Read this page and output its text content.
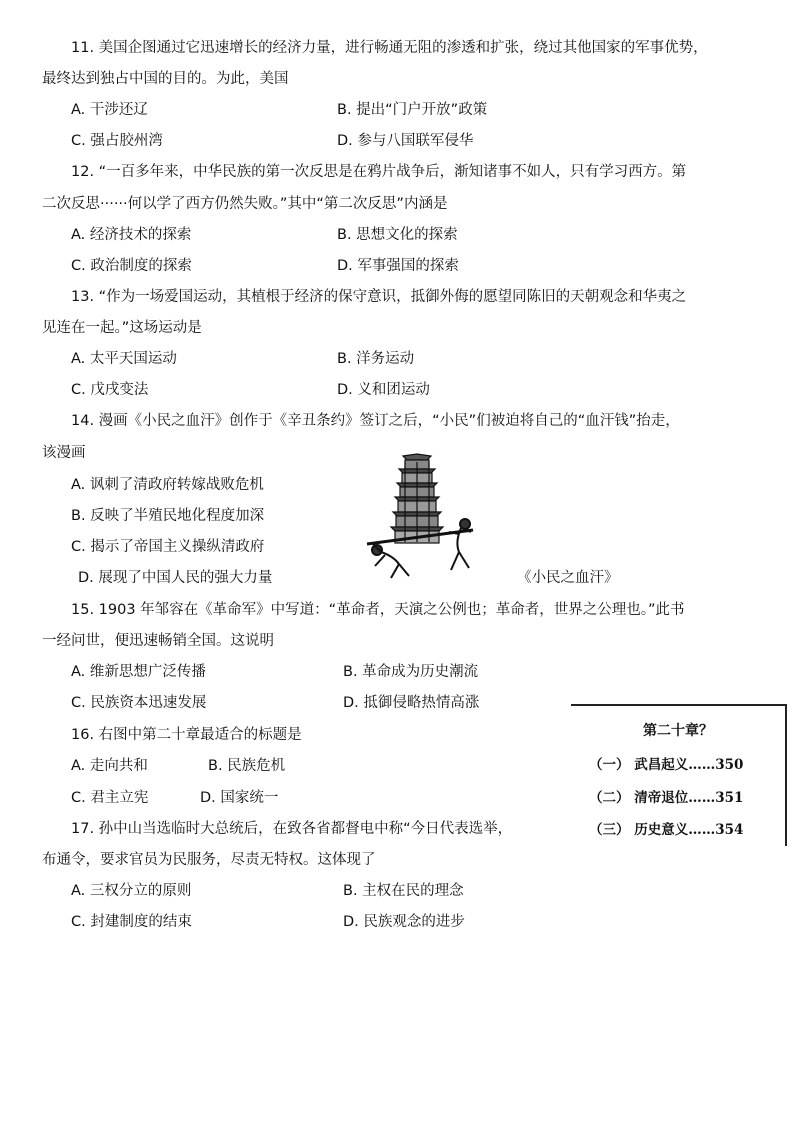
11. 美国企图通过它迅速增长的经济力量，进行畅通无阻的渗透和扩张，绕过其他国家的军事优势，
最终达到独占中国的目的。为此，美国
A. 干涉还辽	B. 提出“门户开放”政策
C. 强占胶州湾	D. 参与八国联军侵华
12. “一百多年来，中华民族的第一次反思是在鸦片战争后，渐知诸事不如人，只有学习西方。第
二次反思······何以学了西方仍然失败。”其中“第二次反思”内涵是
A. 经济技术的探索	B. 思想文化的探索
C. 政治制度的探索	D. 军事强国的探索
13. “作为一场爱国运动，其植根于经济的保守意识，抵御外侮的愿望同陈旧的天朝观念和华夷之
见连在一起。”这场运动是
A. 太平天国运动	B. 洋务运动
C. 戊戌变法	D. 义和团运动
14. 漫画《小民之血汗》创作于《辛丑条约》签订之后，“小民”们被迫将自己的“血汗钱”抬走，
该漫画
A. 讽刺了清政府转嫁战败危机
B. 反映了半殖民地化程度加深
C. 揭示了帝国主义操纵清政府
D. 展现了中国人民的强大力量	《小民之血汗》
15. 1903 年邹容在《革命军》中写道：“革命者，天演之公例也；革命者，世界之公理也。”此书
一经问世，便迅速畅销全国。这说明
A. 维新思想广泛传播	B. 革命成为历史潮流
C. 民族资本迅速发展	D. 抵御侵略热情高涨
16. 右图中第二十章最适合的标题是
A. 走向共和	B. 民族危机
C. 君主立宪	D. 国家统一
17. 孙中山当选临时大总统后，在致各省都督电中称“今日代表选举，
布通令，要求官员为民服务，尽责无特权。这体现了
A. 三权分立的原则	B. 主权在民的理念
C. 封建制度的结束	D. 民族观念的进步
第二十章？
（一） 武昌起义……350
（二） 清帝退位……351
（三） 历史意义……354
